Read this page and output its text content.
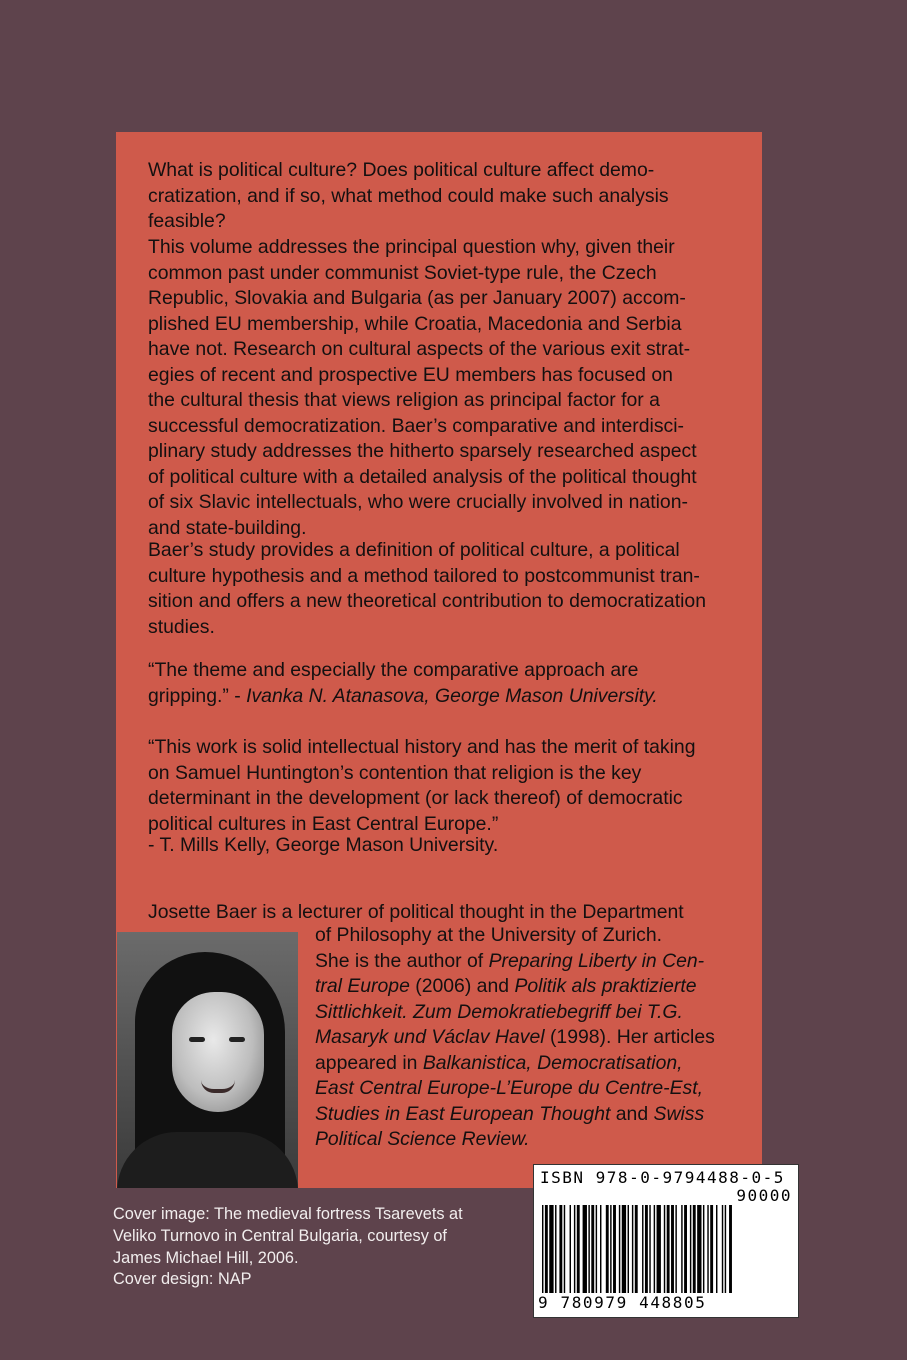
What is political culture? Does political culture affect demo-
cratization, and if so, what method could make such analysis
feasible?

This volume addresses the principal question why, given their
common past under communist Soviet-type rule, the Czech
Republic, Slovakia and Bulgaria (as per January 2007) accom-
plished EU membership, while Croatia, Macedonia and Serbia
have not. Research on cultural aspects of the various exit strat-
egies of recent and prospective EU members has focused on
the cultural thesis that views religion as principal factor for a
successful democratization. Baer’s comparative and interdisci-
plinary study addresses the hitherto sparsely researched aspect
of political culture with a detailed analysis of the political thought
of six Slavic intellectuals, who were crucially involved in nation-
and state-building.

Baer’s study provides a definition of political culture, a political
culture hypothesis and a method tailored to postcommunist tran-
sition and offers a new theoretical contribution to democratization
studies.

“The theme and especially the comparative approach are
gripping.” - Ivanka N. Atanasova, George Mason University.

“This work is solid intellectual history and has the merit of taking
on Samuel Huntington’s contention that religion is the key
determinant in the development (or lack thereof) of democratic
political cultures in East Central Europe.”

- T. Mills Kelly, George Mason University.

Josette Baer is a lecturer of political thought in the Department

of Philosophy at the University of Zurich.
She is the author of Preparing Liberty in Cen-
tral Europe (2006) and Politik als praktizierte
Sittlichkeit. Zum Demokratiebegriff bei T.G.
Masaryk und Václav Havel (1998). Her articles
appeared in Balkanistica, Democratisation,
East Central Europe-L’Europe du Centre-Est,
Studies in East European Thought and Swiss
Political Science Review.

Cover image: The medieval fortress Tsarevets at
Veliko Turnovo in Central Bulgaria, courtesy of
James Michael Hill, 2006.
Cover design: NAP

ISBN 978-0-9794488-0-5
90000
9 780979 448805
